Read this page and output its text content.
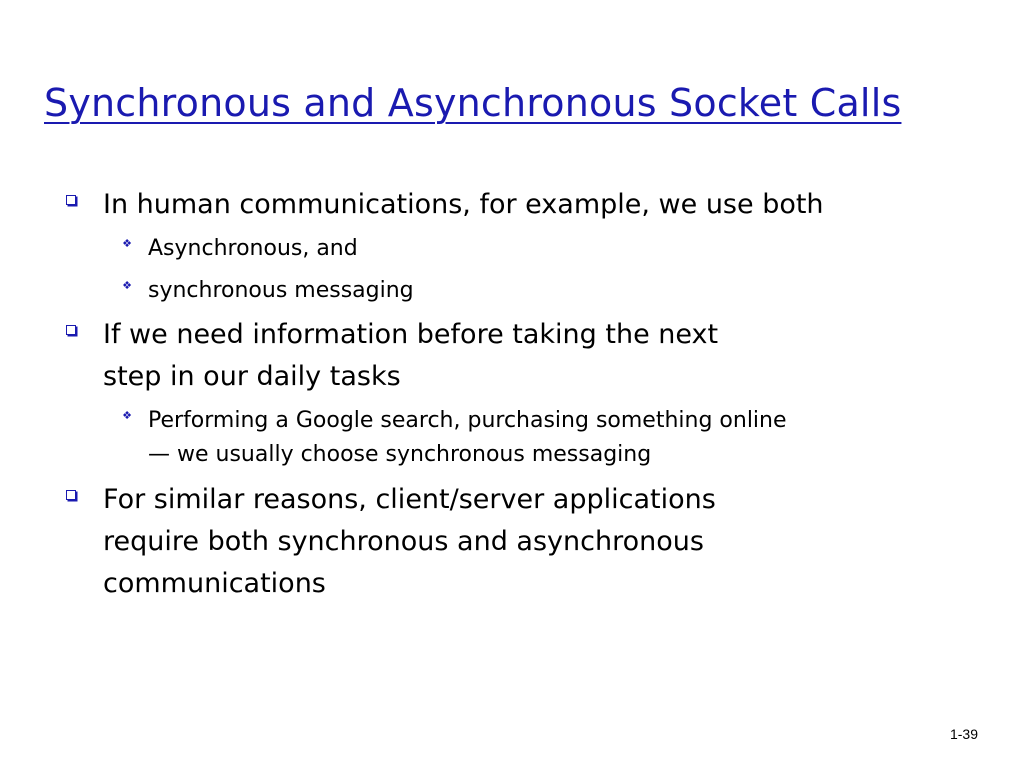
Synchronous and Asynchronous Socket Calls
In human communications, for example, we use both
❖ Asynchronous, and
❖ synchronous messaging
If we need information before taking the next
step in our daily tasks
❖ Performing a Google search, purchasing something online
— we usually choose synchronous messaging
For similar reasons, client/server applications
require both synchronous and asynchronous
communications
1-39
